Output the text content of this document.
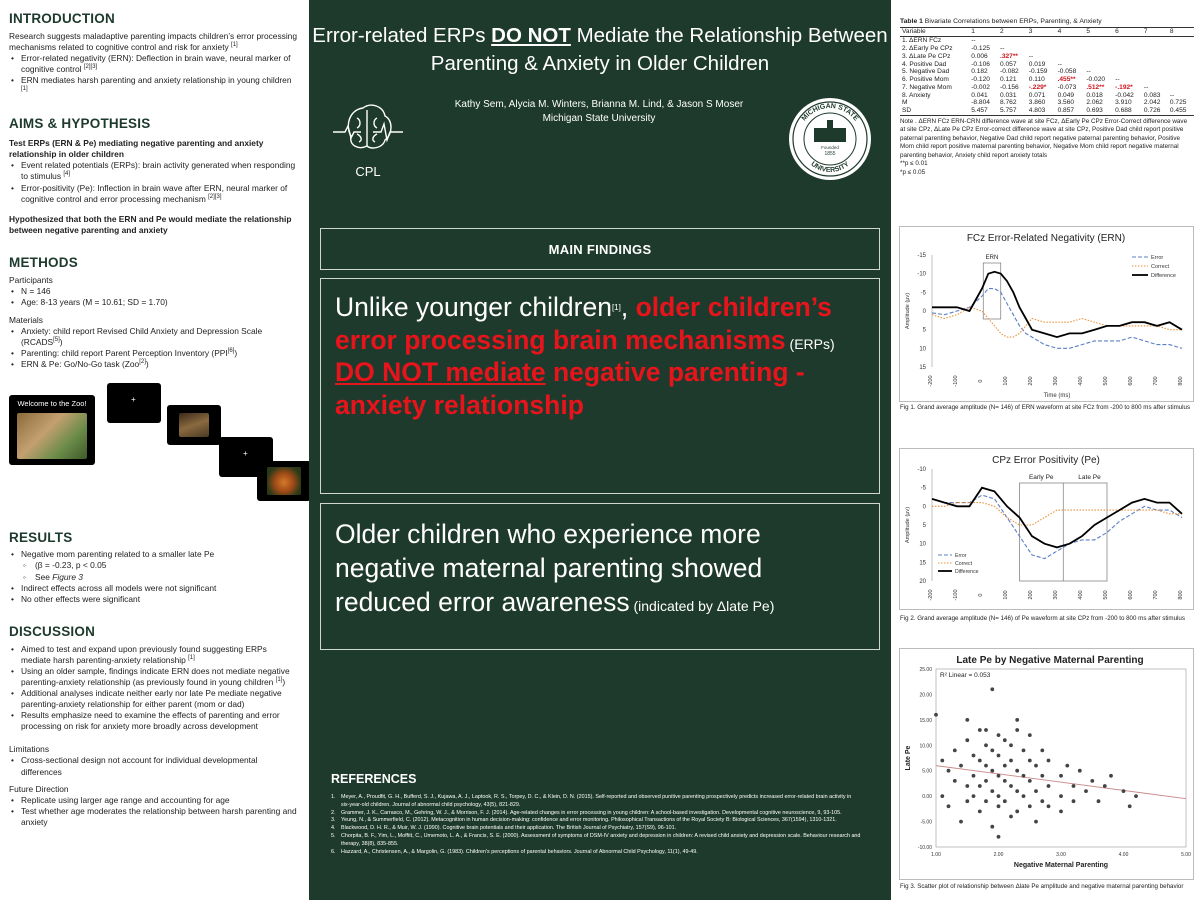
INTRODUCTION

Research suggests maladaptive parenting impacts children’s error processing mechanisms related to cognitive control and risk for anxiety [1]

• Error-related negativity (ERN): Deflection in brain wave, neural marker of cognitive control [2][3]
• ERN mediates harsh parenting and anxiety relationship in young children [1]
AIMS & HYPOTHESIS

Test ERPs (ERN & Pe) mediating negative parenting and anxiety relationship in older children

• Event related potentials (ERPs): brain activity generated when responding to stimulus [4]
• Error-positivity (Pe): Inflection in brain wave after ERN, neural marker of cognitive control and error processing mechanism [2][3]

Hypothesized that both the ERN and Pe would mediate the relationship between negative parenting and anxiety

METHODS

Participants

• N = 146
• Age: 8-13 years (M = 10.61; SD = 1.70)

Materials

• Anxiety: child report Revised Child Anxiety and Depression Scale (RCADS[5])
• Parenting: child report Parent Perception Inventory (PPI[6])
• ERN & Pe: Go/No-Go task (Zoo[2])
Welcome to the Zoo!	+
+
RESULTS
• Negative mom parenting related to a smaller late Pe
◦ (β = -0.23, p < 0.05
◦ See Figure 3
• Indirect effects across all models were not significant
• No other effects were significant
DISCUSSION
• Aimed to test and expand upon previously found suggesting ERPs mediate harsh parenting-anxiety relationship [1]
• Using an older sample, findings indicate ERN does not mediate negative parenting-anxiety relationship (as previously found in young children [1])
• Additional analyses indicate neither early nor late Pe mediate negative parenting-anxiety relationship for either parent (mom or dad)
• Results emphasize need to examine the effects of parenting and error processing on risk for anxiety more broadly across development

Limitations

• Cross-sectional design not account for individual developmental differences

Future Direction

• Replicate using larger age range and accounting for age
• Test whether age moderates the relationship between harsh parenting and anxiety
Error-related ERPs DO NOT Mediate the Relationship Between Parenting & Anxiety in Older Children
Kathy Sem, Alycia M. Winters, Brianna M. Lind, & Jason S Moser
Michigan State University
CPL
MICHIGAN STATE
UNIVERSITY
Founded
1855
MAIN FINDINGS
Unlike younger children[1], older children’s error processing brain mechanisms (ERPs) DO NOT mediate negative parenting - anxiety relationship
Older children who experience more negative maternal parenting showed reduced error awareness (indicated by Δlate Pe)
REFERENCES
1. Meyer, A., Proudfit, G. H., Bufferd, S. J., Kujawa, A. J., Laptook, R. S., Torpey, D. C., & Klein, D. N. (2015). Self-reported and observed punitive parenting prospectively predicts increased error-related brain activity in six-year-old children. Journal of abnormal child psychology, 43(5), 821-829.
2. Grammer, J. K., Carrasco, M., Gehring, W. J., & Morrison, F. J. (2014). Age-related changes in error processing in young children: A school-based investigation. Developmental cognitive neuroscience, 9, 93-105.
3. Yeung, N., & Summerfield, C. (2012). Metacognition in human decision-making: confidence and error monitoring. Philosophical Transactions of the Royal Society B: Biological Sciences, 367(1594), 1310-1321.
4. Blackwood, D. H. R., & Muir, W. J. (1990). Cognitive brain potentials and their application. The British Journal of Psychiatry, 157(S9), 96-101.
5. Chorpita, B. F., Yim, L., Moffitt, C., Umemoto, L. A., & Francis, S. E. (2000). Assessment of symptoms of DSM-IV anxiety and depression in children: A revised child anxiety and depression scale. Behaviour research and therapy, 38(8), 835-855.
6. Hazzard, A., Christensen, A., & Margolin, G. (1983). Children's perceptions of parental behaviors. Journal of Abnormal Child Psychology, 11(1), 49-49.
Table 1 Bivariate Correlations between ERPs, Parenting, & Anxiety
Variable	1	2	3	4	5	6	7	8
1. ΔERN FCz	--							
2. ΔEarly Pe CPz	-0.125	--						
3. ΔLate Pe CPz	0.006	.327**	--					
4. Positive Dad	-0.106	0.057	0.019	--				
5. Negative Dad	0.182	-0.082	-0.159	-0.058	--			
6. Positive Mom	-0.120	0.121	0.110	.455**	-0.020	--		
7. Negative Mom	-0.002	-0.156	-.229*	-0.073	.512**	-.192*	--	
8. Anxiety	0.041	0.031	0.071	0.049	0.018	-0.042	0.083	--
M	-8.804	8.762	3.860	3.560	2.062	3.910	2.042	0.725
SD	5.457	5.757	4.803	0.857	0.693	0.688	0.726	0.455
Note . ΔERN FCz ERN-CRN difference wave at site FCz, ΔEarly Pe CPz Error-Correct difference wave at site CPz, ΔLate Pe CPz Error-correct difference wave at site CPz, Positive Dad child report positive paternal parenting behavior, Negative Dad child report negative paternal parenting behavior, Positive Mom child report positive maternal parenting behavior, Negative Mom child report negative maternal parenting behavior, Anxiety child report anxiety totals
**p ≤ 0.01
*p ≤ 0.05
FCz Error-Related Negativity (ERN)
-15
-10
-5
0
5
10
15
-200	-100	0	100	200	300	400	500	600	700	800
Amplitude (μv)
Time (ms)
ERN	Error
Correct
Difference
Fig 1. Grand average amplitude (N= 146) of ERN waveform at site FCz from -200 to 800 ms after stimulus
CPz Error Positivity (Pe)
-10
-5
0
5
10
15
20
-200	-100	0	100	200	300	400	500	600	700	800
Amplitude (μv)
Early Pe	Late Pe
Error
Correct
Difference
Fig 2. Grand average amplitude (N= 146) of Pe waveform at site CPz from -200 to 800 ms after stimulus
Late Pe by Negative Maternal Parenting
R² Linear = 0.053
-10.00
-5.00
0.00
5.00
10.00
15.00
20.00
25.00
1.00	2.00	3.00	4.00	5.00
Negative Maternal Parenting
Late Pe
Fig 3. Scatter plot of relationship between Δlate Pe amplitude and negative maternal parenting behavior
